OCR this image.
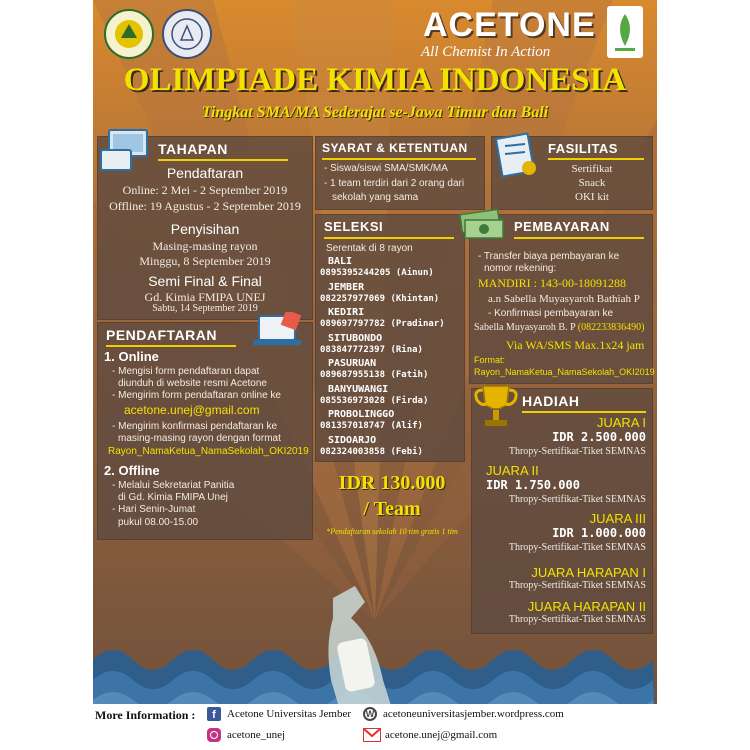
ACETONE
All Chemist In Action
OLIMPIADE KIMIA INDONESIA
Tingkat SMA/MA Sederajat se-Jawa Timur dan Bali
TAHAPAN
Pendaftaran
Online: 2 Mei - 2 September 2019
Offline: 19 Agustus - 2 September 2019
Penyisihan
Masing-masing rayon
Minggu, 8 September 2019
Semi Final & Final
Gd. Kimia FMIPA UNEJ
Sabtu, 14 September 2019
SYARAT & KETENTUAN
- Siswa/siswi SMA/SMK/MA
- 1 team terdiri dari 2 orang dari
sekolah yang sama
FASILITAS
Sertifikat
Snack
OKI kit
SELEKSI
Serentak di 8 rayon
BALI
0895395244205 (Ainun)
JEMBER
082257977069 (Khintan)
KEDIRI
089697797782 (Pradinar)
SITUBONDO
083847772397 (Rina)
PASURUAN
089687955138 (Fatih)
BANYUWANGI
085536973028 (Firda)
PROBOLINGGO
081357018747 (Alif)
SIDOARJO
082324003858 (Febi)
PEMBAYARAN
- Transfer biaya pembayaran ke
nomor rekening:
MANDIRI : 143-00-18091288
a.n Sabella Muyasyaroh Bathiah P
- Konfirmasi pembayaran ke
Sabella Muyasyaroh B. P (082233836490)
Via WA/SMS Max.1x24 jam
Format:
Rayon_NamaKetua_NamaSekolah_OKI2019
PENDAFTARAN
1. Online
- Mengisi form pendaftaran dapat
diunduh di website resmi Acetone
- Mengirim form pendaftaran online ke
acetone.unej@gmail.com
- Mengirim konfirmasi pendaftaran ke
masing-masing rayon dengan format
Rayon_NamaKetua_NamaSekolah_OKI2019
2. Offline
- Melalui Sekretariat Panitia
di Gd. Kimia FMIPA Unej
- Hari Senin-Jumat
pukul 08.00-15.00
IDR 130.000
/ Team
*Pendaftaran sekolah 10 tim gratis 1 tim
HADIAH
JUARA I
IDR 2.500.000
Thropy-Sertifikat-Tiket SEMNAS
JUARA II
IDR 1.750.000
Thropy-Sertifikat-Tiket SEMNAS
JUARA III
IDR 1.000.000
Thropy-Sertifikat-Tiket SEMNAS
JUARA HARAPAN I
Thropy-Sertifikat-Tiket SEMNAS
JUARA HARAPAN II
Thropy-Sertifikat-Tiket SEMNAS
More Information :	f	Acetone Universitas Jember	W acetoneuniversitasjember.wordpress.com
acetone_unej	acetone.unej@gmail.com
